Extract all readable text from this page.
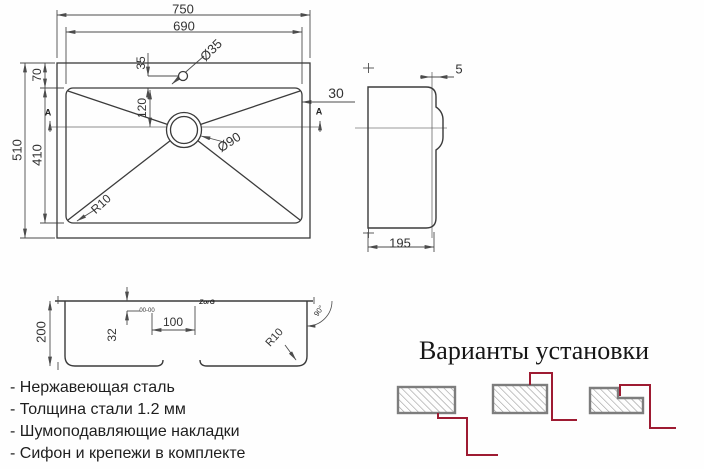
750
690
510
70
410
35
120
Ø35
Ø90
R10
30
A	A
5
195
200	32
00-00
ZorG
100
R10
90°
Варианты установки
- Нержавеющая сталь
- Толщина стали 1.2 мм
- Шумоподавляющие накладки
- Сифон и крепежи в комплекте
